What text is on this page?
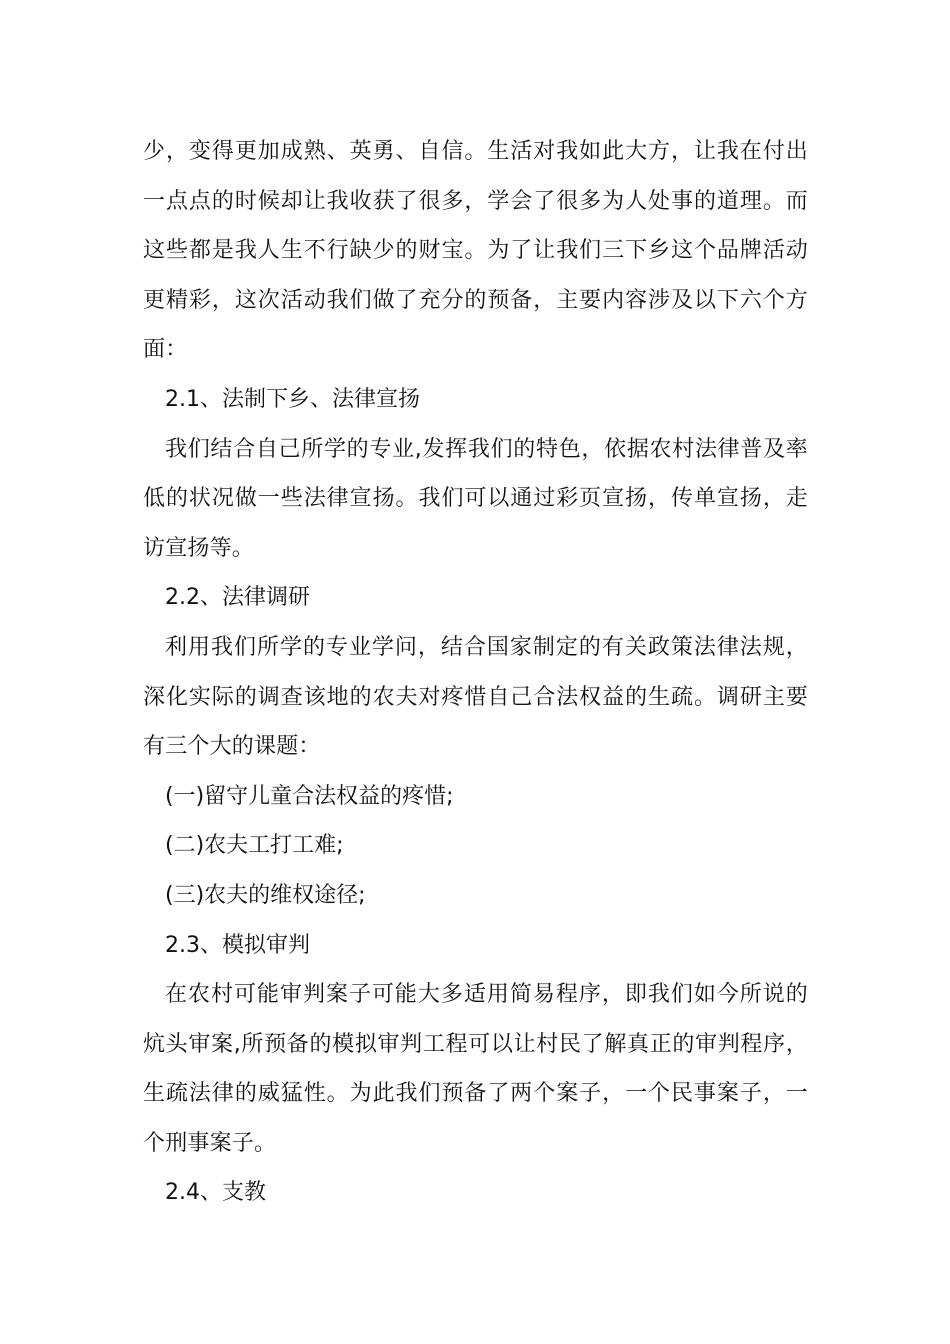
少，变得更加成熟、英勇、自信。生活对我如此大方，让我在付出一点点的时候却让我收获了很多，学会了很多为人处事的道理。而这些都是我人生不行缺少的财宝。为了让我们三下乡这个品牌活动更精彩，这次活动我们做了充分的预备，主要内容涉及以下六个方面：

2.1、法制下乡、法律宣扬

我们结合自己所学的专业,发挥我们的特色，依据农村法律普及率低的状况做一些法律宣扬。我们可以通过彩页宣扬，传单宣扬，走访宣扬等。

2.2、法律调研

利用我们所学的专业学问，结合国家制定的有关政策法律法规，深化实际的调查该地的农夫对疼惜自己合法权益的生疏。调研主要有三个大的课题：

(一)留守儿童合法权益的疼惜;

(二)农夫工打工难;

(三)农夫的维权途径;

2.3、模拟审判

在农村可能审判案子可能大多适用简易程序，即我们如今所说的炕头审案,所预备的模拟审判工程可以让村民了解真正的审判程序，生疏法律的威猛性。为此我们预备了两个案子，一个民事案子，一个刑事案子。

2.4、支教
